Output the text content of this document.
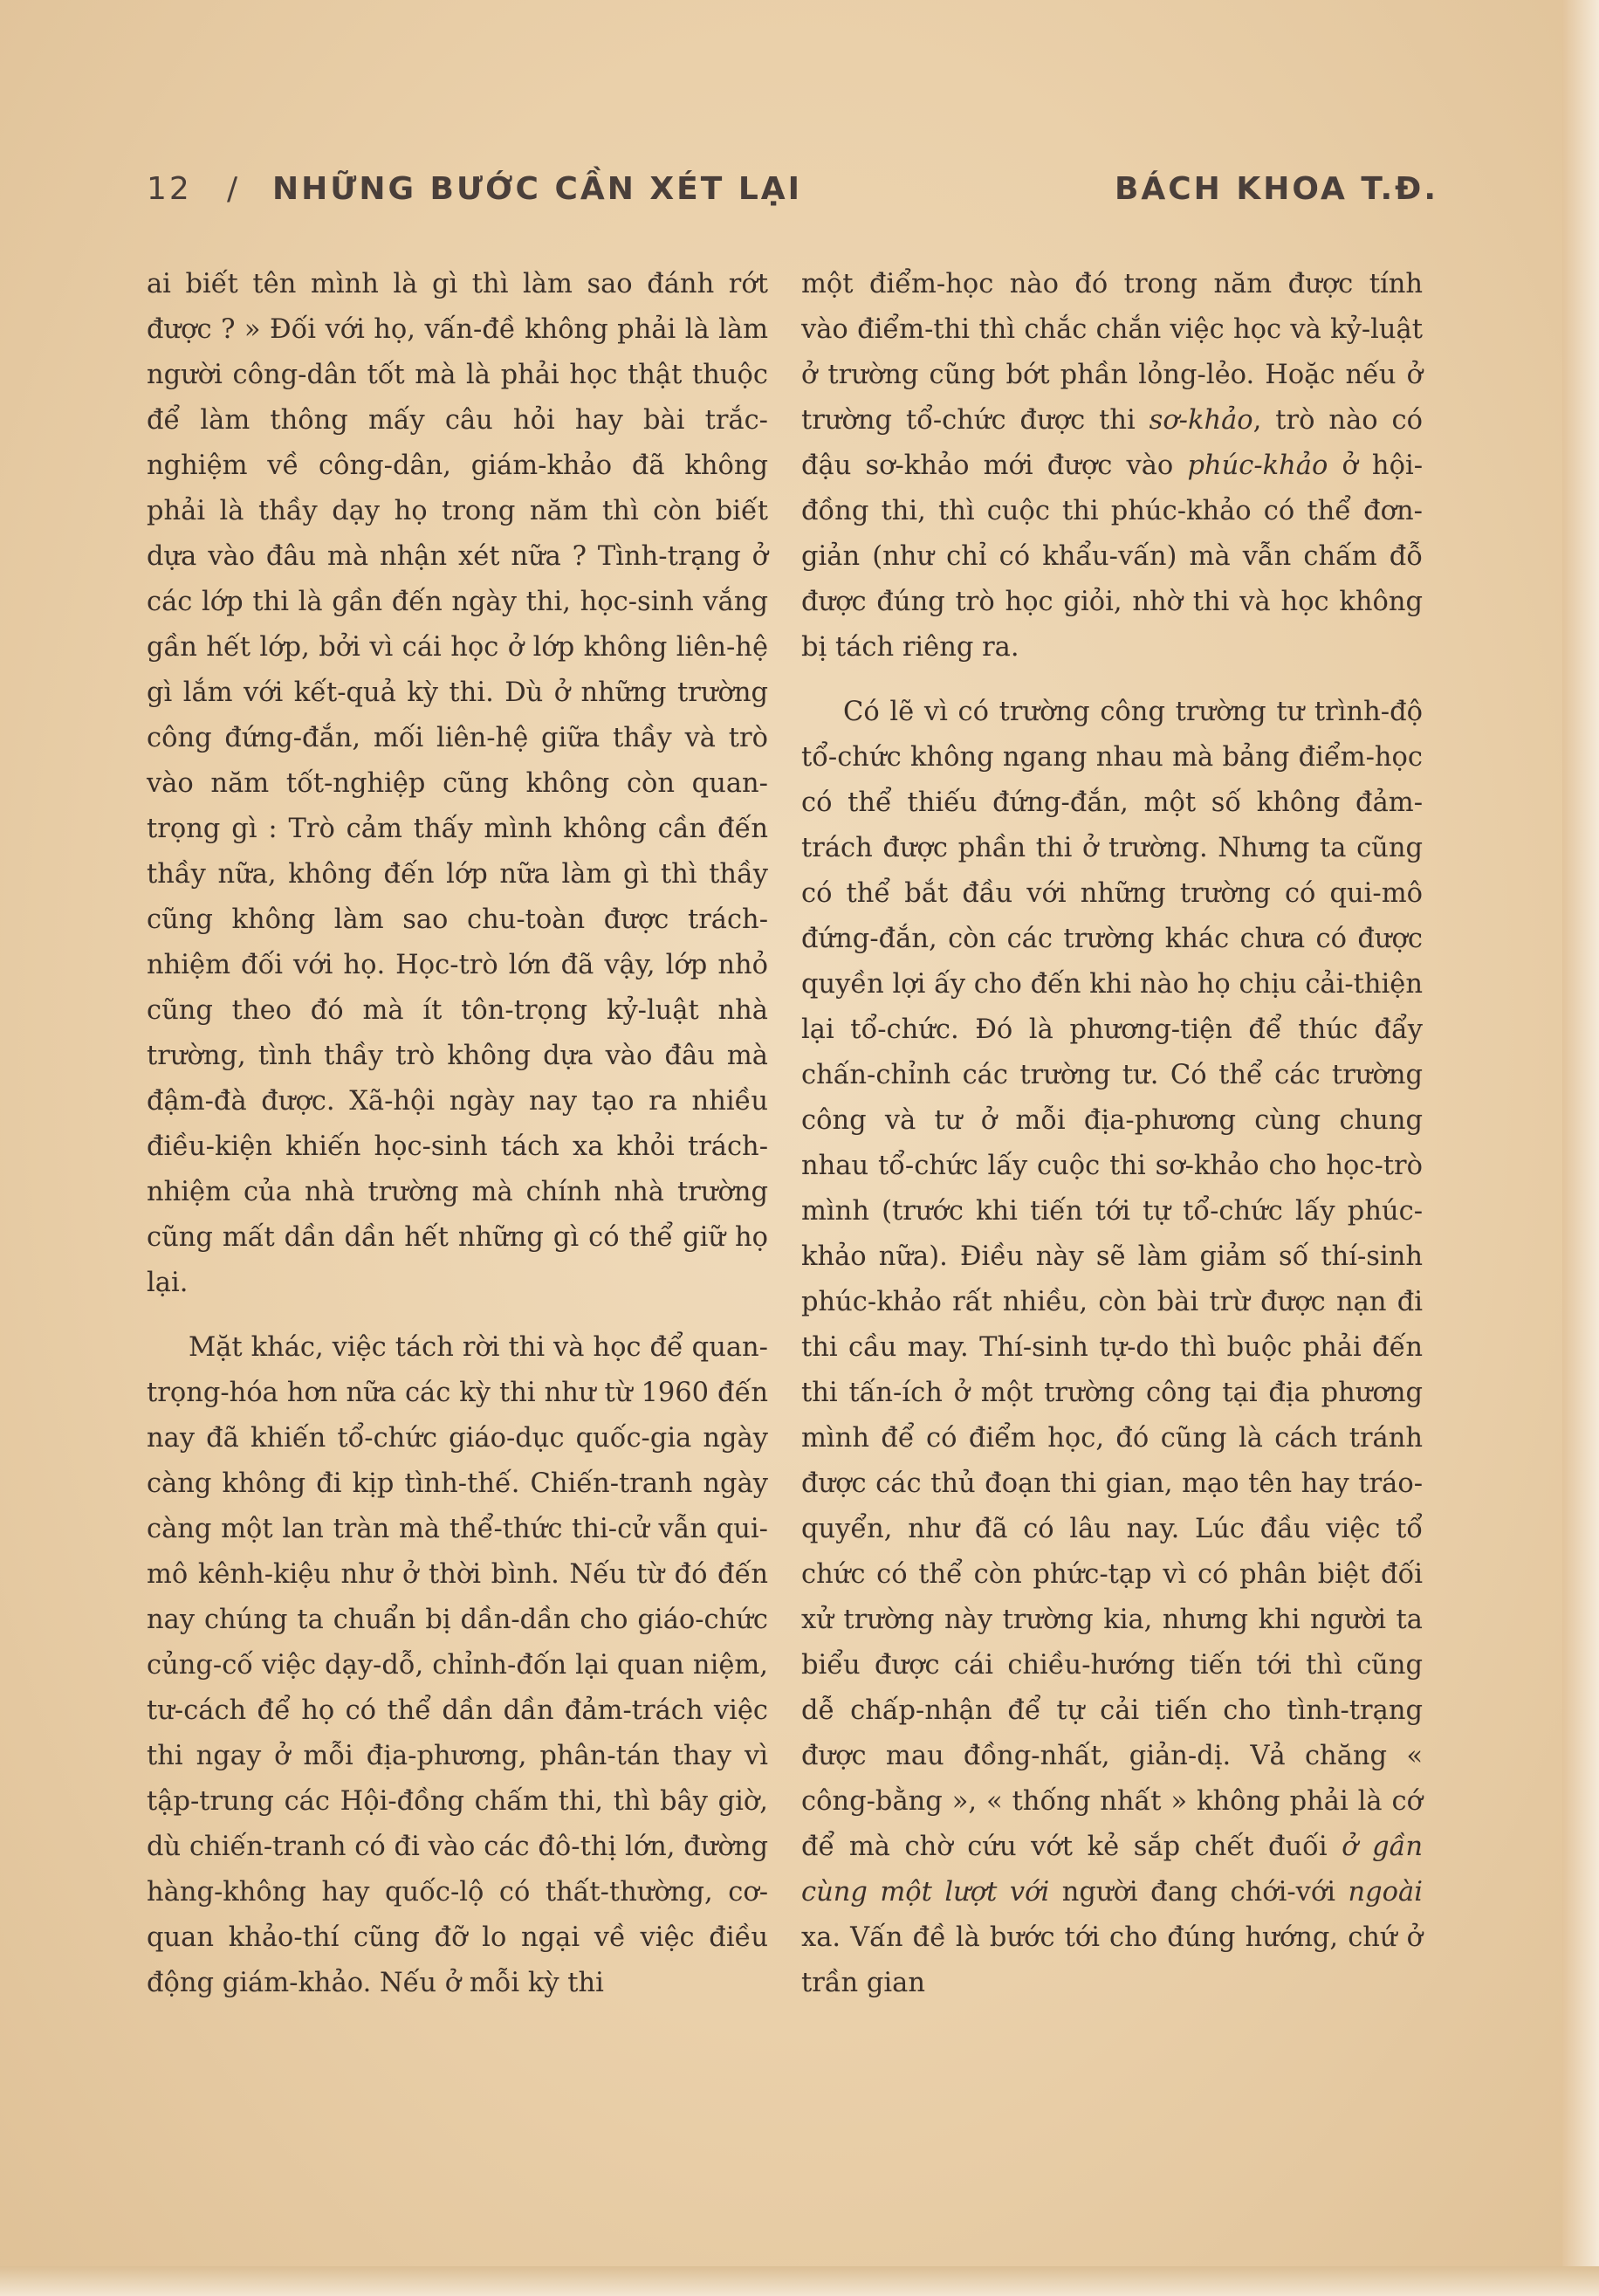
12 / NHỮNG BƯỚC CẦN XÉT LẠI	BÁCH KHOA T.Đ.

ai biết tên mình là gì thì làm sao đánh rớt được ? » Đối với họ, vấn-đề không phải là làm người công-dân tốt mà là phải học thật thuộc để làm thông mấy câu hỏi hay bài trắc-nghiệm về công-dân, giám-khảo đã không phải là thầy dạy họ trong năm thì còn biết dựa vào đâu mà nhận xét nữa ? Tình-trạng ở các lớp thi là gần đến ngày thi, học-sinh vắng gần hết lớp, bởi vì cái học ở lớp không liên-hệ gì lắm với kết-quả kỳ thi. Dù ở những trường công đứng-đắn, mối liên-hệ giữa thầy và trò vào năm tốt-nghiệp cũng không còn quan-trọng gì : Trò cảm thấy mình không cần đến thầy nữa, không đến lớp nữa làm gì thì thầy cũng không làm sao chu-toàn được trách-nhiệm đối với họ. Học-trò lớn đã vậy, lớp nhỏ cũng theo đó mà ít tôn-trọng kỷ-luật nhà trường, tình thầy trò không dựa vào đâu mà đậm-đà được. Xã-hội ngày nay tạo ra nhiều điều-kiện khiến học-sinh tách xa khỏi trách-nhiệm của nhà trường mà chính nhà trường cũng mất dần dần hết những gì có thể giữ họ lại.

Mặt khác, việc tách rời thi và học để quan-trọng-hóa hơn nữa các kỳ thi như từ 1960 đến nay đã khiến tổ-chức giáo-dục quốc-gia ngày càng không đi kịp tình-thế. Chiến-tranh ngày càng một lan tràn mà thể-thức thi-cử vẫn qui-mô kênh-kiệu như ở thời bình. Nếu từ đó đến nay chúng ta chuẩn bị dần-dần cho giáo-chức củng-cố việc dạy-dỗ, chỉnh-đốn lại quan niệm, tư-cách để họ có thể dần dần đảm-trách việc thi ngay ở mỗi địa-phương, phân-tán thay vì tập-trung các Hội-đồng chấm thi, thì bây giờ, dù chiến-tranh có đi vào các đô-thị lớn, đường hàng-không hay quốc-lộ có thất-thường, cơ-quan khảo-thí cũng đỡ lo ngại về việc điều động giám-khảo. Nếu ở mỗi kỳ thi

một điểm-học nào đó trong năm được tính vào điểm-thi thì chắc chắn việc học và kỷ-luật ở trường cũng bớt phần lỏng-lẻo. Hoặc nếu ở trường tổ-chức được thi sơ-khảo, trò nào có đậu sơ-khảo mới được vào phúc-khảo ở hội-đồng thi, thì cuộc thi phúc-khảo có thể đơn-giản (như chỉ có khẩu-vấn) mà vẫn chấm đỗ được đúng trò học giỏi, nhờ thi và học không bị tách riêng ra.

Có lẽ vì có trường công trường tư trình-độ tổ-chức không ngang nhau mà bảng điểm-học có thể thiếu đứng-đắn, một số không đảm-trách được phần thi ở trường. Nhưng ta cũng có thể bắt đầu với những trường có qui-mô đứng-đắn, còn các trường khác chưa có được quyền lợi ấy cho đến khi nào họ chịu cải-thiện lại tổ-chức. Đó là phương-tiện để thúc đẩy chấn-chỉnh các trường tư. Có thể các trường công và tư ở mỗi địa-phương cùng chung nhau tổ-chức lấy cuộc thi sơ-khảo cho học-trò mình (trước khi tiến tới tự tổ-chức lấy phúc-khảo nữa). Điều này sẽ làm giảm số thí-sinh phúc-khảo rất nhiều, còn bài trừ được nạn đi thi cầu may. Thí-sinh tự-do thì buộc phải đến thi tấn-ích ở một trường công tại địa phương mình để có điểm học, đó cũng là cách tránh được các thủ đoạn thi gian, mạo tên hay tráo-quyển, như đã có lâu nay. Lúc đầu việc tổ chức có thể còn phức-tạp vì có phân biệt đối xử trường này trường kia, nhưng khi người ta biểu được cái chiều-hướng tiến tới thì cũng dễ chấp-nhận để tự cải tiến cho tình-trạng được mau đồng-nhất, giản-dị. Vả chăng « công-bằng », « thống nhất » không phải là cớ để mà chờ cứu vớt kẻ sắp chết đuối ở gần cùng một lượt với người đang chới-với ngoài xa. Vấn đề là bước tới cho đúng hướng, chứ ở trần gian
